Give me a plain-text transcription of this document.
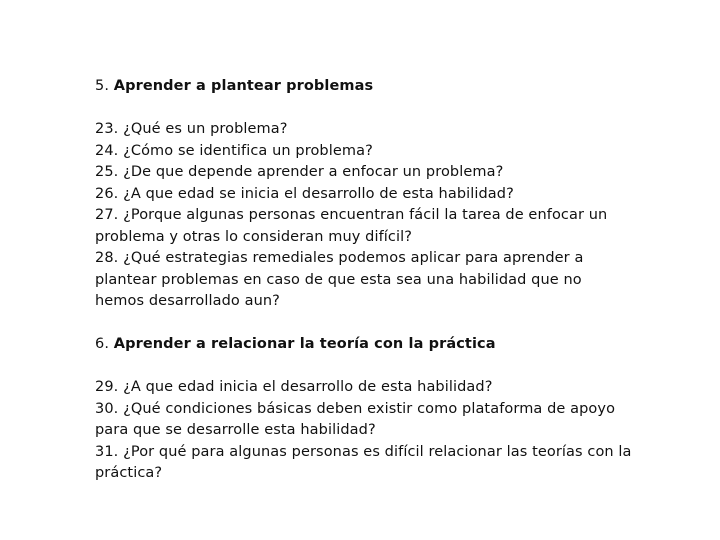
5. Aprender a plantear problemas
23. ¿Qué es un problema?
24. ¿Cómo se identifica un problema?
25. ¿De que depende aprender a enfocar un problema?
26. ¿A que edad se inicia el desarrollo de esta habilidad?
27. ¿Porque algunas personas encuentran fácil la tarea de enfocar un problema y otras lo consideran muy difícil?
28. ¿Qué estrategias remediales podemos aplicar para aprender a plantear problemas en caso de que esta sea una habilidad que no hemos desarrollado aun?
6. Aprender a relacionar la teoría con la práctica
29. ¿A que edad inicia el desarrollo de esta habilidad?
30. ¿Qué condiciones básicas deben existir como plataforma de apoyo para que se desarrolle esta habilidad?
31. ¿Por qué para algunas personas es difícil relacionar las teorías con la práctica?
